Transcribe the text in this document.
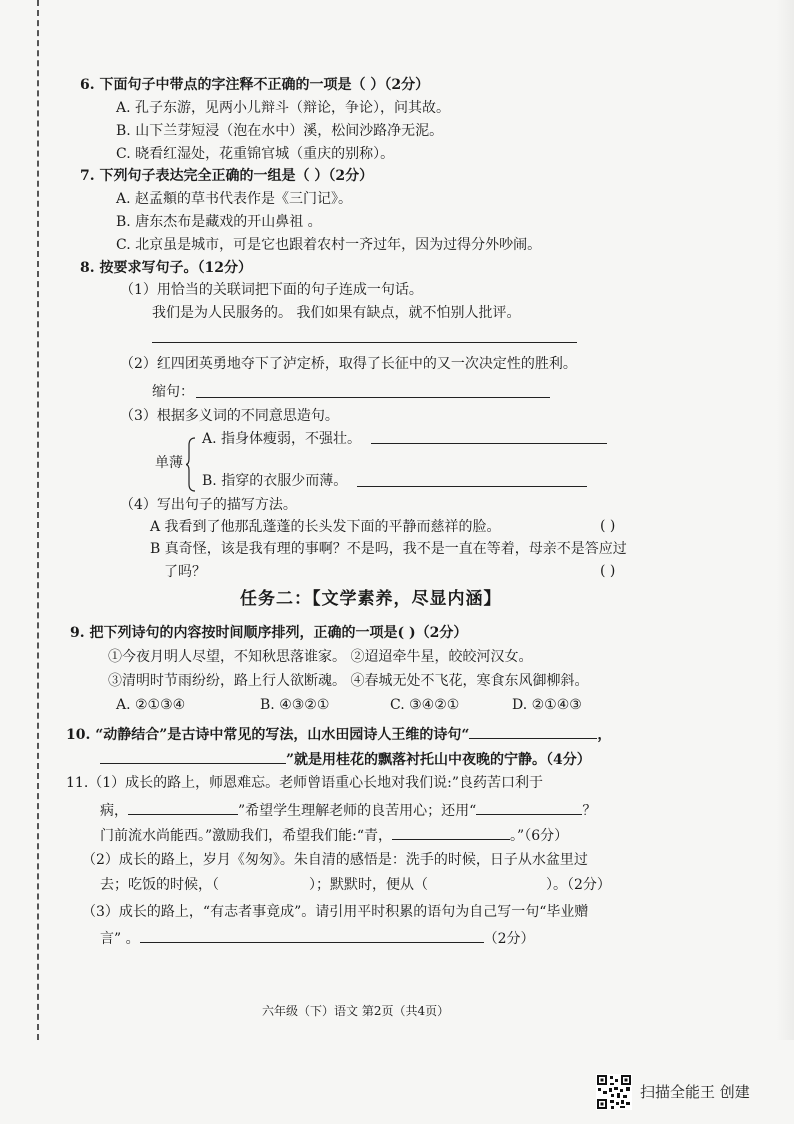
6. 下面句子中带点的字注释不正确的一项是（ ）（2分）
A. 孔子东游，见两小儿辩斗（辩论，争论），问其故。
B. 山下兰芽短浸（泡在水中）溪，松间沙路净无泥。
C. 晓看红湿处，花重锦官城（重庆的别称）。
7. 下列句子表达完全正确的一组是（ ）（2分）
A. 赵孟頫的草书代表作是《三门记》。
B. 唐东杰布是藏戏的开山鼻祖 。
C. 北京虽是城市，可是它也跟着农村一齐过年，因为过得分外吵闹。
8. 按要求写句子。（12分）
（1）用恰当的关联词把下面的句子连成一句话。
我们是为人民服务的。 我们如果有缺点，就不怕别人批评。
（2）红四团英勇地夺下了泸定桥，取得了长征中的又一次决定性的胜利。
缩句：
（3）根据多义词的不同意思造句。
单薄
A. 指身体瘦弱，不强壮。
B. 指穿的衣服少而薄。
（4）写出句子的描写方法。
A 我看到了他那乱蓬蓬的长头发下面的平静而慈祥的脸。	( )
B 真奇怪，该是我有理的事啊？不是吗，我不是一直在等着，母亲不是答应过
了吗？	( )
任务二：【文学素养，尽显内涵】
9. 把下列诗句的内容按时间顺序排列，正确的一项是( )（2分）
①今夜月明人尽望，不知秋思落谁家。 ②迢迢牵牛星，皎皎河汉女。
③清明时节雨纷纷，路上行人欲断魂。 ④春城无处不飞花，寒食东风御柳斜。
A. ②①③④	B. ④③②①	C. ③④②①	D. ②①④③
10. “动静结合”是古诗中常见的写法，山水田园诗人王维的诗句“	，
”就是用桂花的飘落衬托山中夜晚的宁静。（4分）
11.（1）成长的路上，师恩难忘。老师曾语重心长地对我们说:”良药苦口利于
病，	”希望学生理解老师的良苦用心；还用“	？
门前流水尚能西。”激励我们，希望我们能:“青，	。”（6分）
（2）成长的路上，岁月《匆匆》。朱自清的感悟是：洗手的时候，日子从水盆里过
去；吃饭的时候，（	）；默默时，便从（	）。（2分）
（3）成长的路上，“有志者事竟成”。请引用平时积累的语句为自己写一句“毕业赠
言” 。	（2分）
六年级（下）语文 第2页（共4页）
扫描全能王 创建
